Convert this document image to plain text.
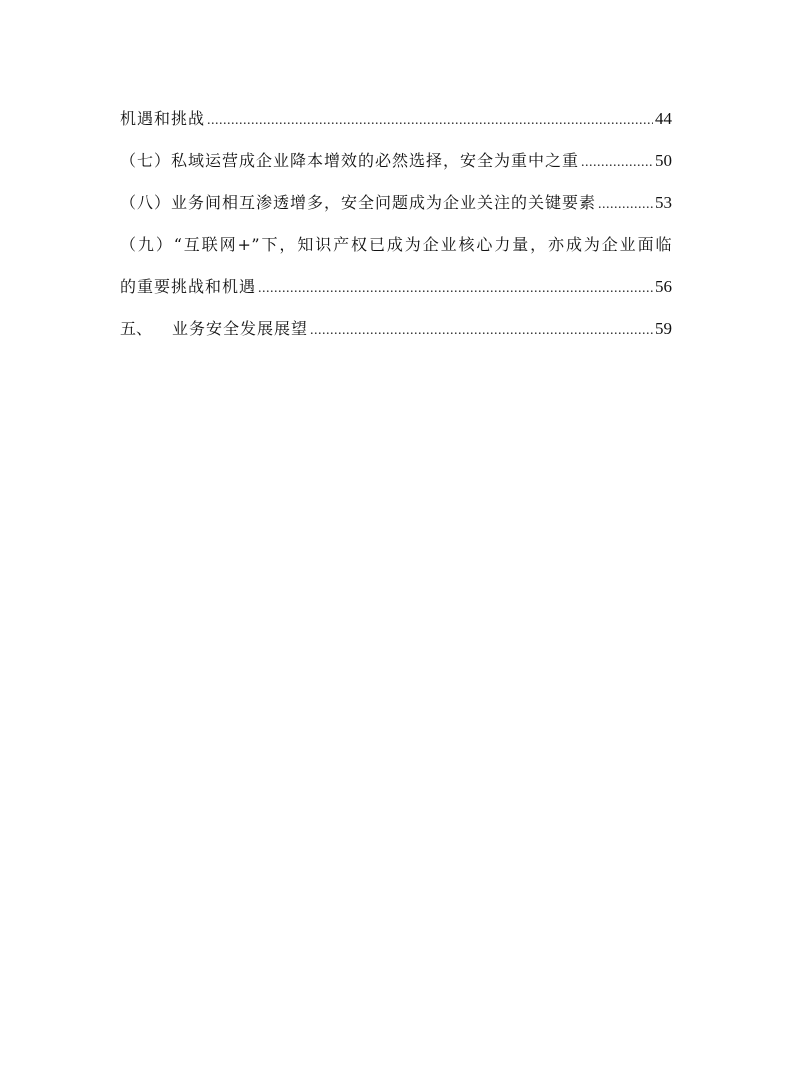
机遇和挑战 .....	44
（七）私域运营成企业降本增效的必然选择，安全为重中之重 .....	50
（八）业务间相互渗透增多，安全问题成为企业关注的关键要素 .....	53
（九）“互联网+”下，知识产权已成为企业核心力量，亦成为企业面临
的重要挑战和机遇 .....	56
五、	业务安全发展展望 .....	59
